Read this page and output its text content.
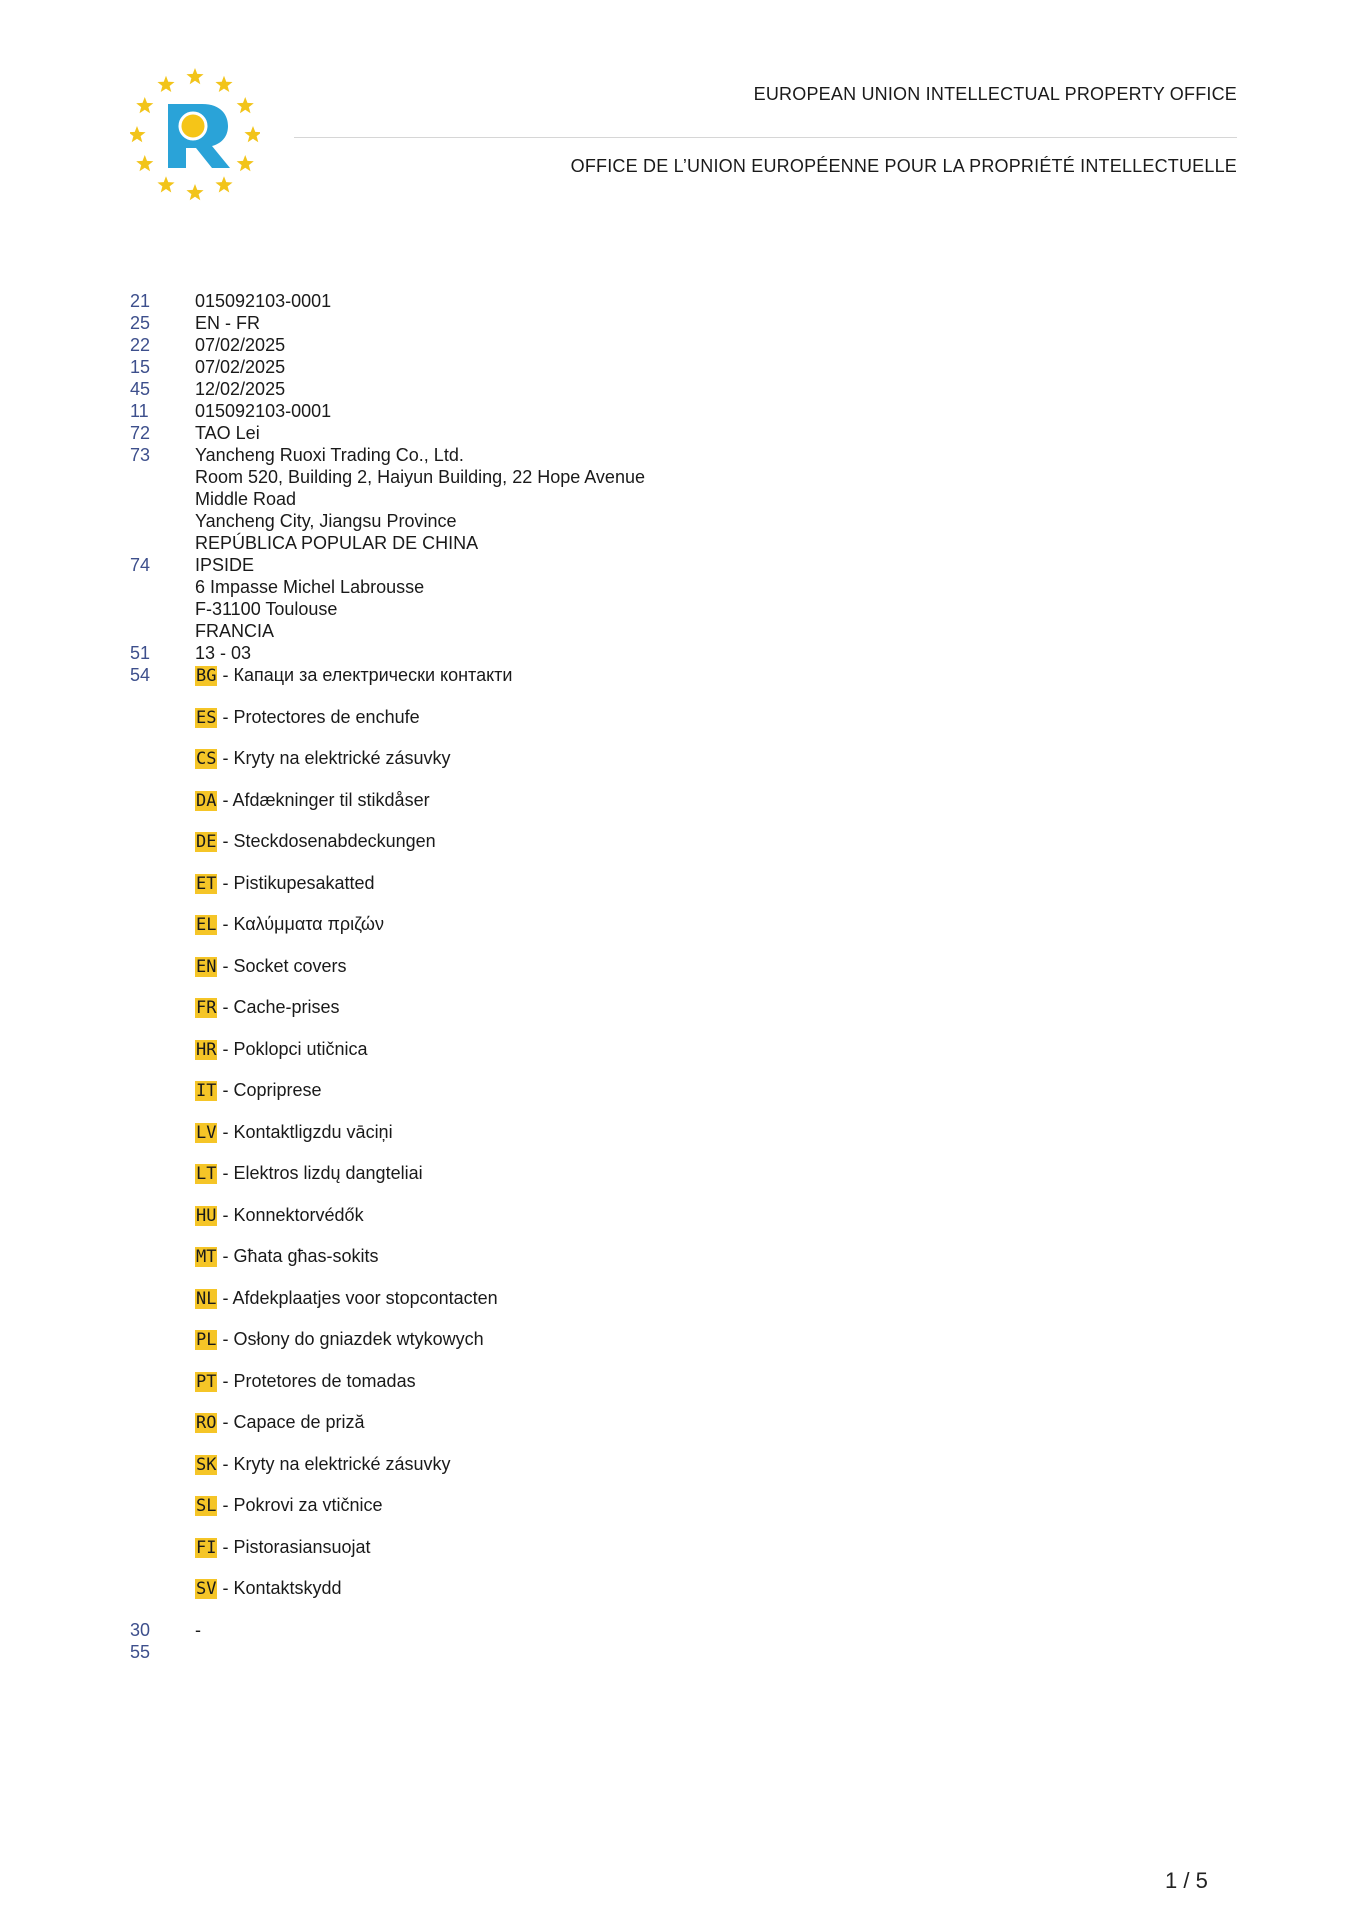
EUROPEAN UNION INTELLECTUAL PROPERTY OFFICE
OFFICE DE L’UNION EUROPÉENNE POUR LA PROPRIÉTÉ INTELLECTUELLE
21 015092103-0001
25 EN - FR
22 07/02/2025
15 07/02/2025
45 12/02/2025
11	015092103-0001
72 TAO Lei
73 Yancheng Ruoxi Trading Co., Ltd.
Room 520, Building 2, Haiyun Building, 22 Hope Avenue
Middle Road
Yancheng City, Jiangsu Province
REPÚBLICA POPULAR DE CHINA
74 IPSIDE
6 Impasse Michel Labrousse
F-31100 Toulouse
FRANCIA
51 13 - 03
54	BG - Капаци за електрически контакти
ES - Protectores de enchufe
CS - Kryty na elektrické zásuvky
DA - Afdækninger til stikdåser
DE - Steckdosenabdeckungen
ET - Pistikupesakatted
EL - Καλύμματα πριζών
EN - Socket covers
FR - Cache-prises
HR - Poklopci utičnica
IT - Copriprese
LV - Kontaktligzdu vāciņi
LT - Elektros lizdų dangteliai
HU - Konnektorvédők
MT - Għata għas-sokits
NL - Afdekplaatjes voor stopcontacten
PL - Osłony do gniazdek wtykowych
PT - Protetores de tomadas
RO - Capace de priză
SK - Kryty na elektrické zásuvky
SL - Pokrovi za vtičnice
FI - Pistorasiansuojat
SV - Kontaktskydd
30 -
55

1 / 5
